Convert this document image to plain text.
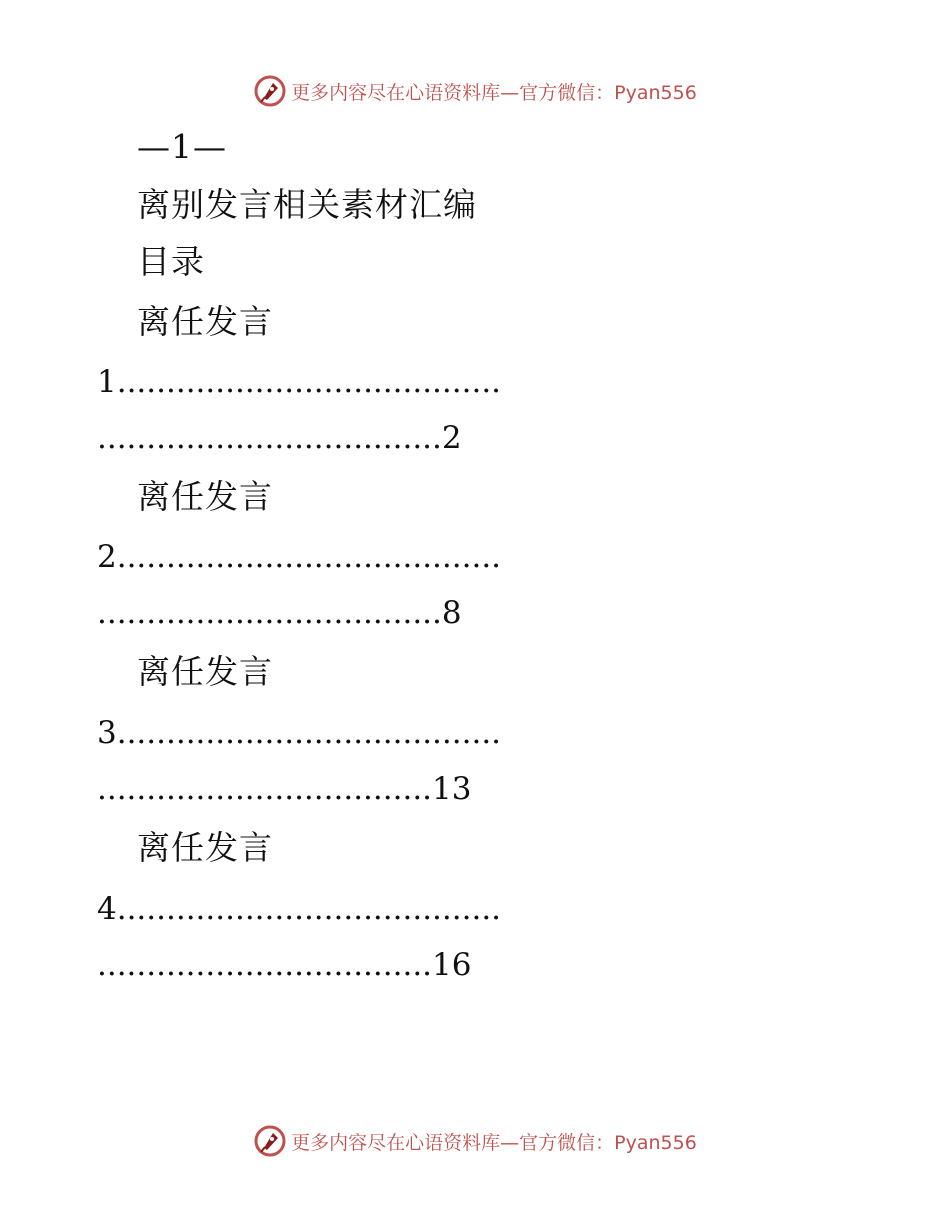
更多内容尽在心语资料库 —官方微信：Pyan556
—1—
离别发言相关素材汇编
目录
离任发言
1.......................................
...................................2
离任发言
2.......................................
...................................8
离任发言
3.......................................
..................................13
离任发言
4.......................................
..................................16
更多内容尽在心语资料库 —官方微信：Pyan556
